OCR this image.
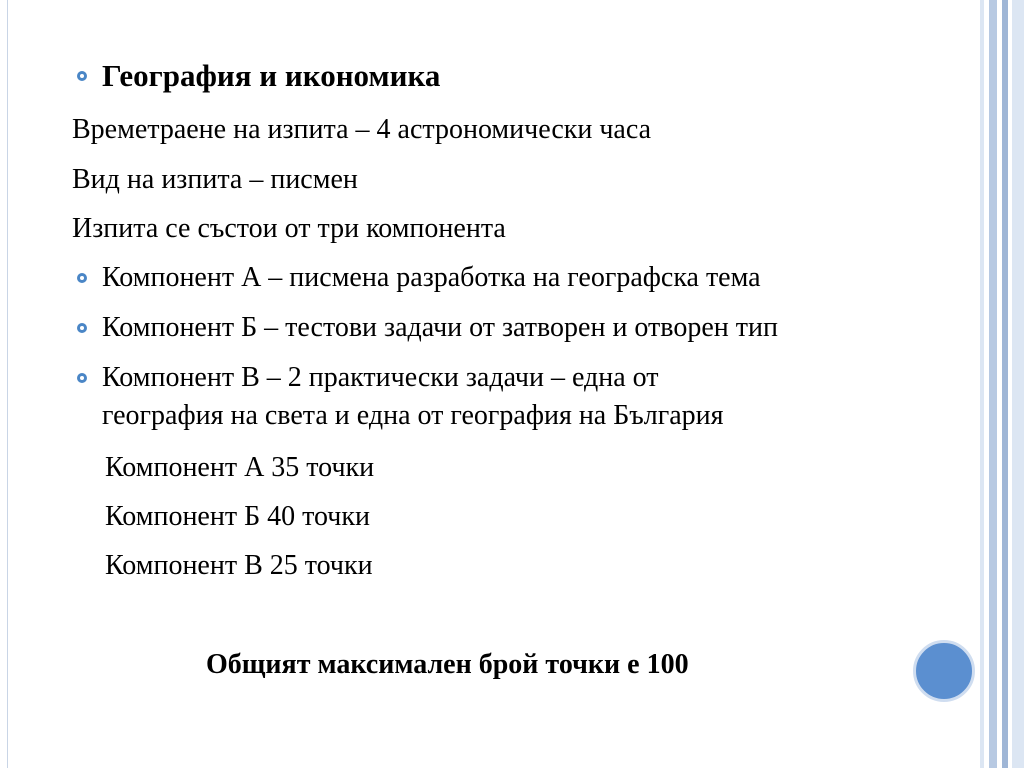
География и икономика
Времетраене на изпита – 4 астрономически часа
Вид на изпита – писмен
Изпита се състои от три компонента
Компонент А – писмена разработка на географска тема
Компонент Б – тестови задачи от затворен и отворен тип
Компонент В – 2 практически задачи – една от
география на света и една от география на България
Компонент А 35 точки
Компонент Б 40 точки
Компонент В 25 точки
Общият максимален брой точки е 100
